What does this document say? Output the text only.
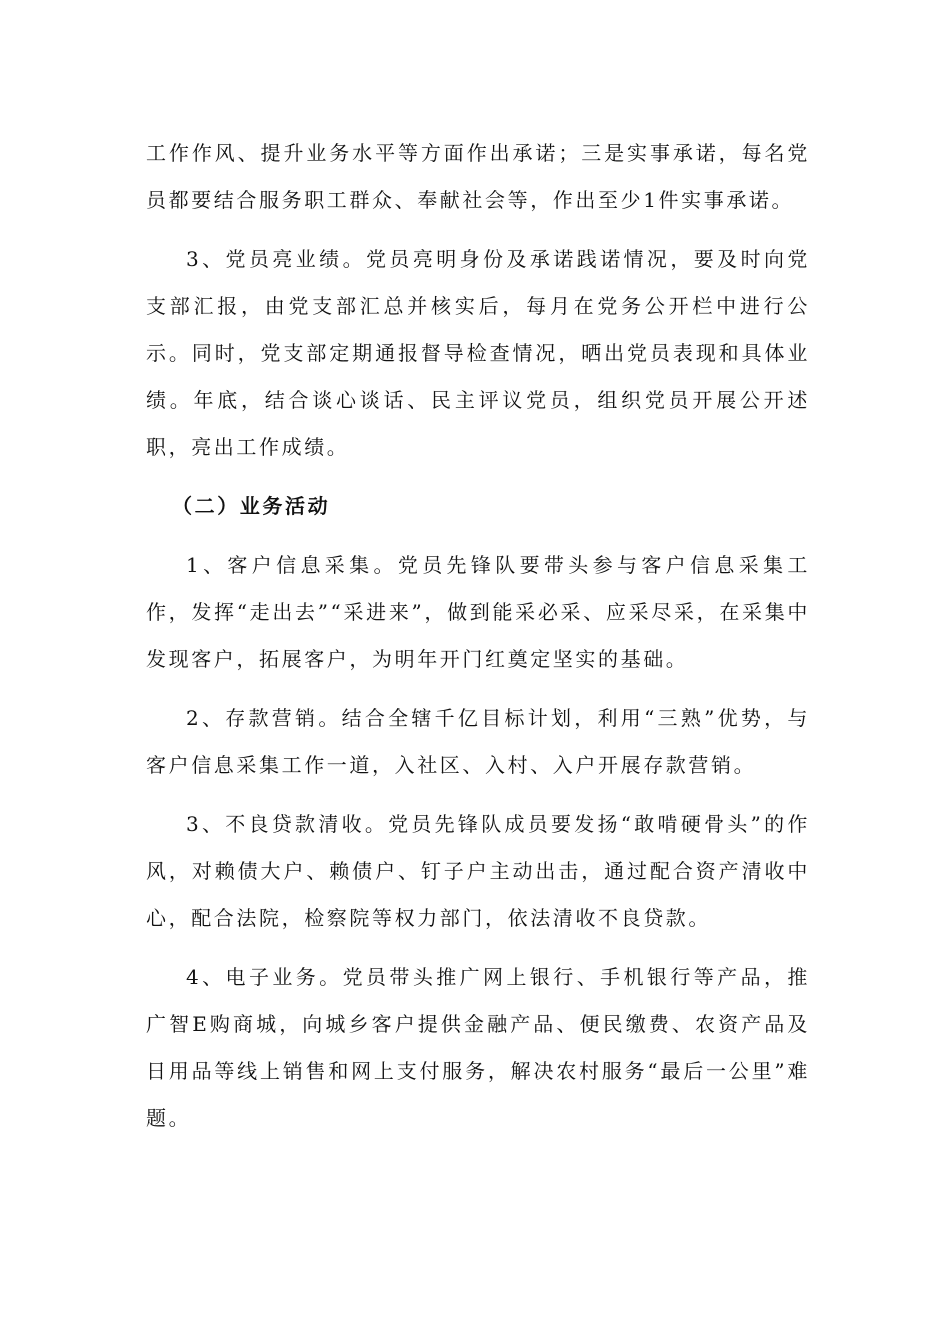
工作作风、提升业务水平等方面作出承诺；三是实事承诺，每名党员都要结合服务职工群众、奉献社会等，作出至少1件实事承诺。

3、党员亮业绩。党员亮明身份及承诺践诺情况，要及时向党支部汇报，由党支部汇总并核实后，每月在党务公开栏中进行公示。同时，党支部定期通报督导检查情况，晒出党员表现和具体业绩。年底，结合谈心谈话、民主评议党员，组织党员开展公开述职，亮出工作成绩。

（二）业务活动

1、客户信息采集。党员先锋队要带头参与客户信息采集工作，发挥“走出去”“采进来”，做到能采必采、应采尽采，在采集中发现客户，拓展客户，为明年开门红奠定坚实的基础。

2、存款营销。结合全辖千亿目标计划，利用“三熟”优势，与客户信息采集工作一道，入社区、入村、入户开展存款营销。

3、不良贷款清收。党员先锋队成员要发扬“敢啃硬骨头”的作风，对赖债大户、赖债户、钉子户主动出击，通过配合资产清收中心，配合法院，检察院等权力部门，依法清收不良贷款。

4、电子业务。党员带头推广网上银行、手机银行等产品，推广智E购商城，向城乡客户提供金融产品、便民缴费、农资产品及日用品等线上销售和网上支付服务，解决农村服务“最后一公里”难题。
